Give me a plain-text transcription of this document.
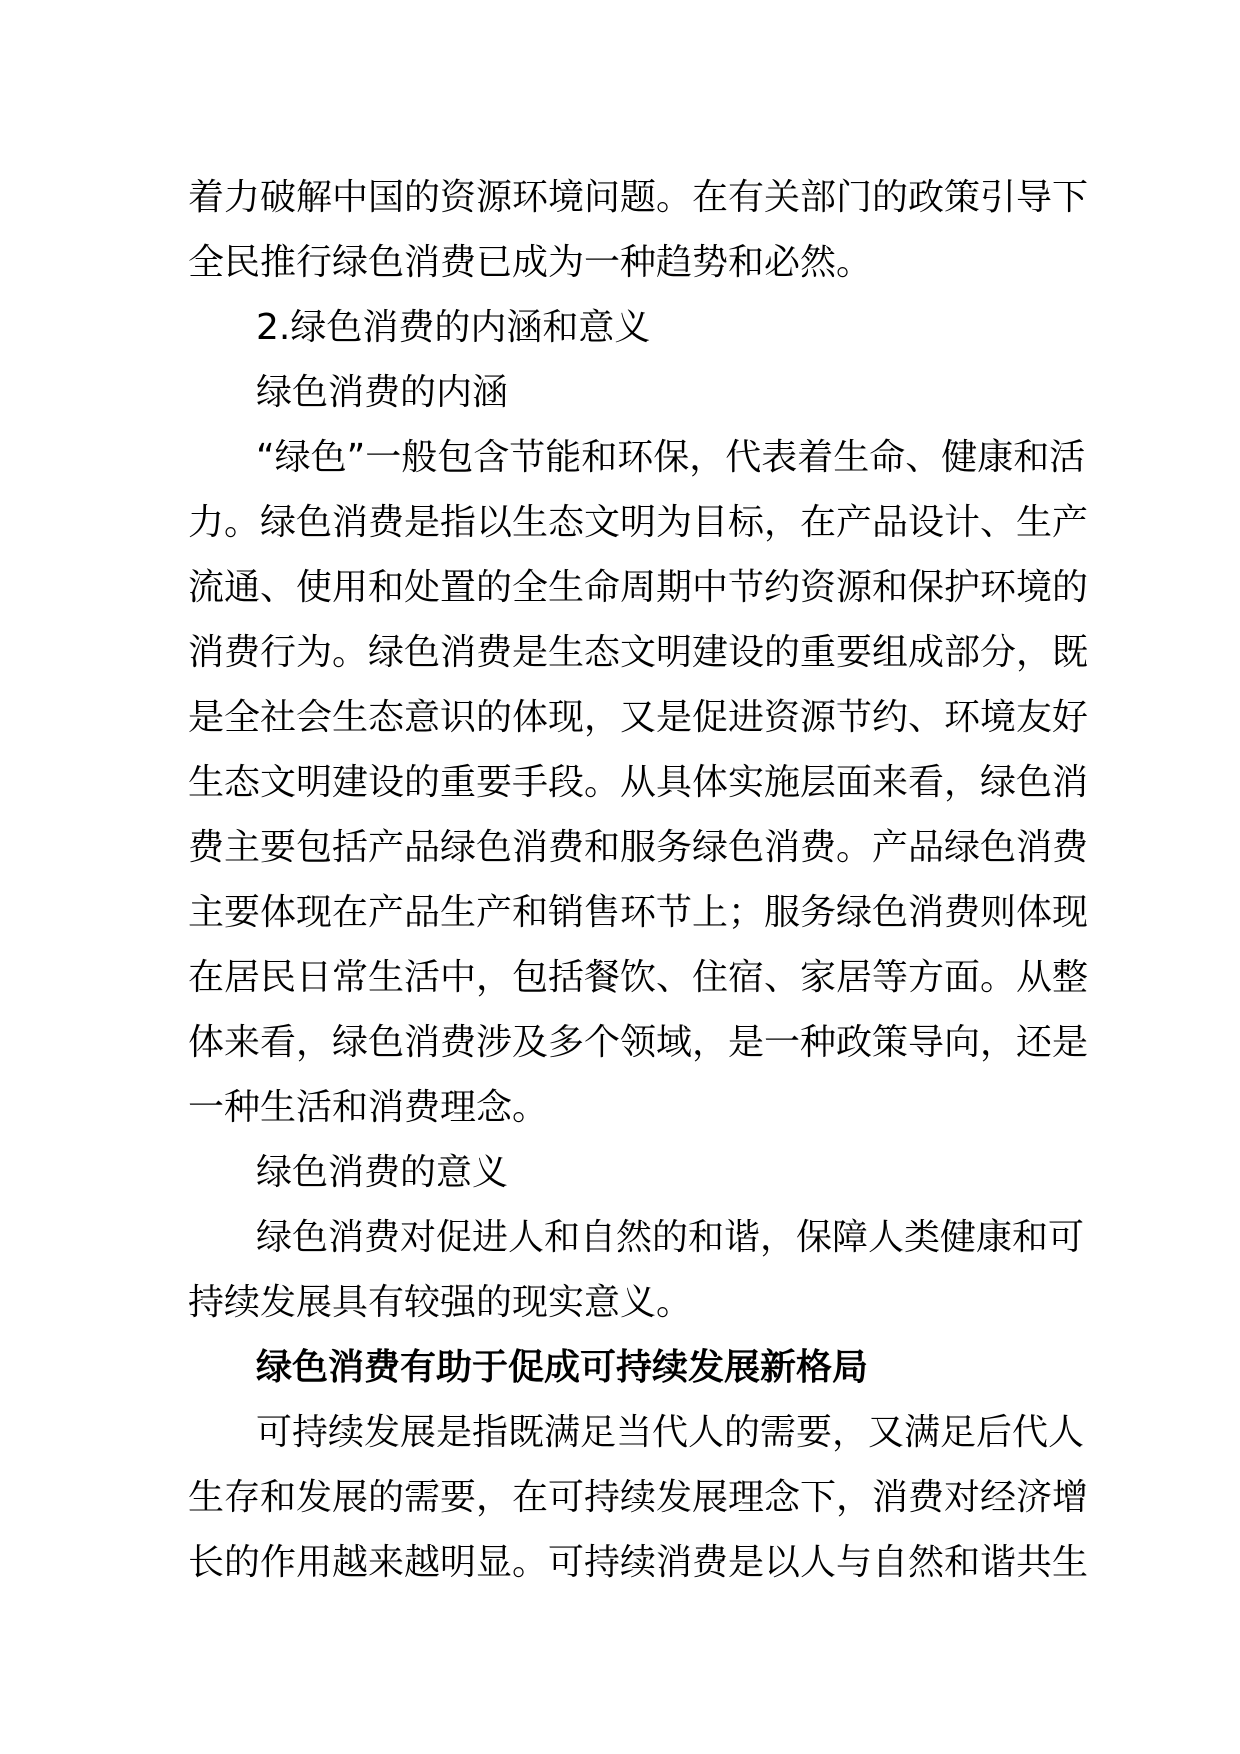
着力破解中国的资源环境问题。在有关部门的政策引导下
全民推行绿色消费已成为一种趋势和必然。
2.绿色消费的内涵和意义
绿色消费的内涵
“绿色”一般包含节能和环保，代表着生命、健康和活
力。绿色消费是指以生态文明为目标，在产品设计、生产
流通、使用和处置的全生命周期中节约资源和保护环境的
消费行为。绿色消费是生态文明建设的重要组成部分，既
是全社会生态意识的体现，又是促进资源节约、环境友好
生态文明建设的重要手段。从具体实施层面来看，绿色消
费主要包括产品绿色消费和服务绿色消费。产品绿色消费
主要体现在产品生产和销售环节上；服务绿色消费则体现
在居民日常生活中，包括餐饮、住宿、家居等方面。从整
体来看，绿色消费涉及多个领域，是一种政策导向，还是
一种生活和消费理念。
绿色消费的意义
绿色消费对促进人和自然的和谐，保障人类健康和可
持续发展具有较强的现实意义。
绿色消费有助于促成可持续发展新格局
可持续发展是指既满足当代人的需要，又满足后代人
生存和发展的需要，在可持续发展理念下，消费对经济增
长的作用越来越明显。可持续消费是以人与自然和谐共生
